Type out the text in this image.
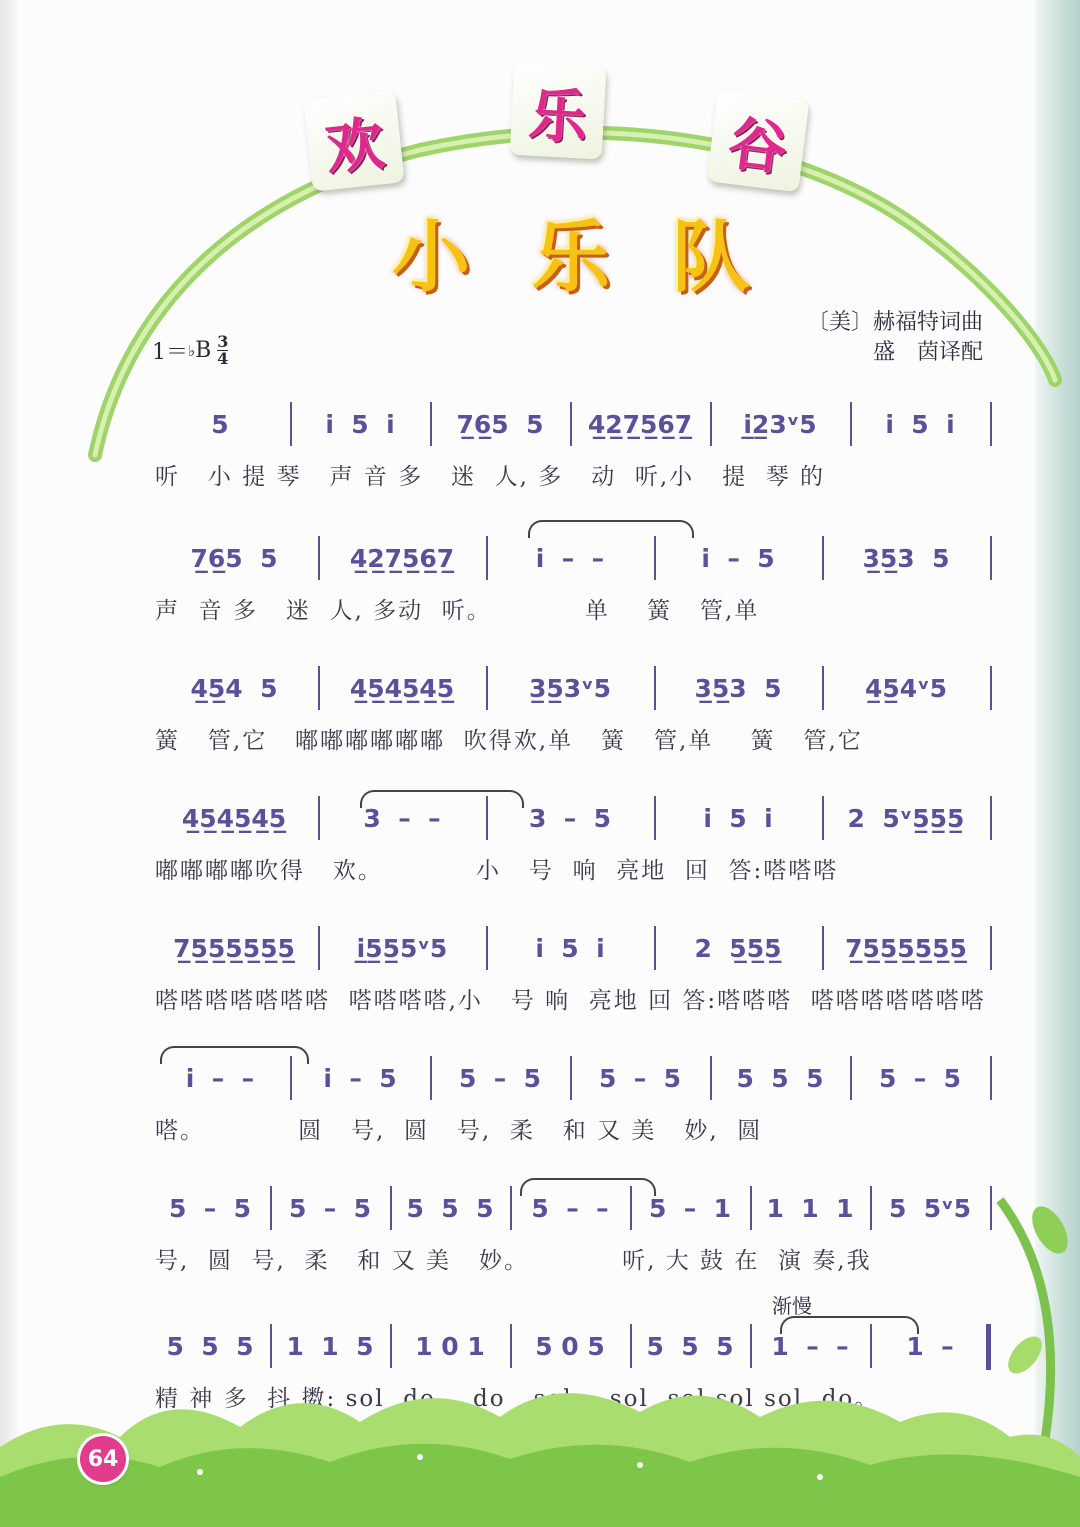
欢	乐	谷
小乐队
〔美〕赫福特词曲
盛　茵译配
1＝ ♭ B $\frac{3}{4}$
渐慢
5	i  5  i	7̲6̲5  5	4̲2̲7̲5̲6̲7̲	i̲2̲3ᵛ5	i  5  i
听   小 提 琴   声 音 多   迷  人, 多   动  听,小   提  琴 的
7̲6̲5  5	4̲2̲7̲5̲6̲7̲	i  –  –	i  –  5	3̲5̲3  5
声  音 多   迷  人, 多动  听。          单    簧   管,单
4̲5̲4  5	4̲5̲4̲5̲4̲5̲	3̲5̲3ᵛ5	3̲5̲3  5	4̲5̲4ᵛ5
簧   管,它   嘟嘟嘟嘟嘟嘟  吹得欢,单   簧   管,单    簧   管,它
4̲5̲4̲5̲4̲5̲	3  –  –	3  –  5	i  5  i	2  5ᵛ5̲5̲5̲
嘟嘟嘟嘟吹得   欢。          小   号  响  亮地  回  答:嗒嗒嗒
7̲5̲5̲5̲5̲5̲5̲	i̲5̲5̲5ᵛ5	i  5  i	2  5̲5̲5̲	7̲5̲5̲5̲5̲5̲5̲
嗒嗒嗒嗒嗒嗒嗒  嗒嗒嗒嗒,小   号 响  亮地 回 答:嗒嗒嗒  嗒嗒嗒嗒嗒嗒嗒
i  –  –	i  –  5	5  –  5	5  –  5	5  5  5	5  –  5
嗒。          圆   号,  圆   号,  柔   和 又 美   妙,  圆
5  –  5	5  –  5	5  5  5	5  –  –	5  –  1	1  1  1	5  5ᵛ5
号,  圆  号,  柔   和 又 美   妙。          听, 大 鼓 在  演 奏,我
5  5  5	1  1  5	1 0 1	5 0 5	5  5  5	1  –  –	1  –
精 神 多  抖 擞: sol  do    do   sol    sol  sol sol sol  do。
64
